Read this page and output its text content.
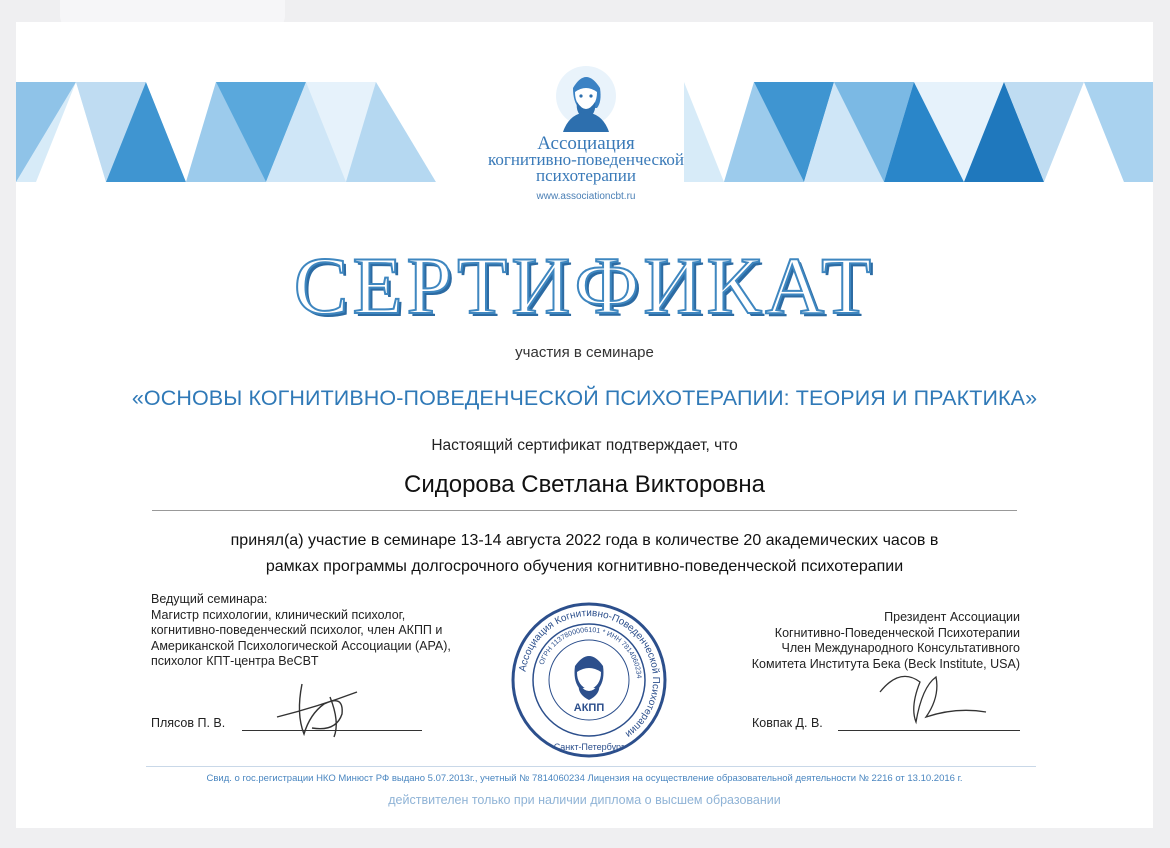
Ассоциация
когнитивно-поведенческой
психотерапии
www.associationcbt.ru
СЕРТИФИКАТ
участия в семинаре
«ОСНОВЫ КОГНИТИВНО-ПОВЕДЕНЧЕСКОЙ ПСИХОТЕРАПИИ: ТЕОРИЯ И ПРАКТИКА»
Настоящий сертификат подтверждает, что
Сидорова Светлана Викторовна
принял(а) участие в семинаре 13-14 августа 2022 года в количестве 20 академических часов в
рамках программы долгосрочного обучения когнитивно-поведенческой психотерапии
Ведущий семинара:
Магистр психологии, клинический психолог,
когнитивно-поведенческий психолог, член АКПП и
Американской Психологической Ассоциации (APA),
психолог КПТ-центра BeCBT
Президент Ассоциации
Когнитивно-Поведенческой Психотерапии
Член Международного Консультативного
Комитета Института Бека (Beck Institute, USA)
Плясов П. В.	Ковпак Д. В.
Ассоциация Когнитивно-Поведенческой Психотерапии
ОГРН 1137800006101 * ИНН 7814060234
АКПП
Санкт-Петербург
Свид. о гос.регистрации НКО Минюст РФ выдано 5.07.2013г., учетный № 7814060234 Лицензия на осуществление образовательной деятельности № 2216 от 13.10.2016 г.
действителен только при наличии диплома о высшем образовании
